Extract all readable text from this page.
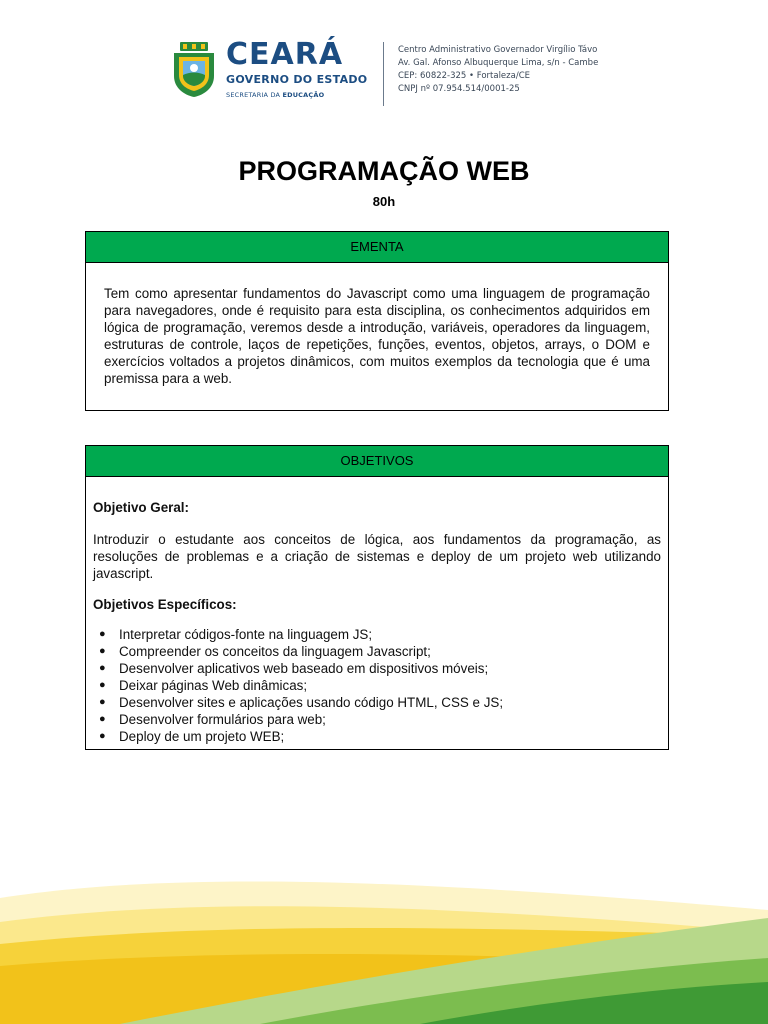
CEARÁ
GOVERNO DO ESTADO
SECRETARIA DA EDUCAÇÃO
Centro Administrativo Governador Virgílio Távo
Av. Gal. Afonso Albuquerque Lima, s/n - Cambe
CEP: 60822-325 • Fortaleza/CE
CNPJ nº 07.954.514/0001-25
PROGRAMAÇÃO WEB
80h
EMENTA
Tem como apresentar fundamentos do Javascript como uma linguagem de programação para navegadores, onde é requisito para esta disciplina, os conhecimentos adquiridos em lógica de programação, veremos desde a introdução, variáveis, operadores da linguagem, estruturas de controle, laços de repetições, funções, eventos, objetos, arrays, o DOM e exercícios voltados a projetos dinâmicos, com muitos exemplos da tecnologia que é uma premissa para a web.
OBJETIVOS
Objetivo Geral:
Introduzir o estudante aos conceitos de lógica, aos fundamentos da programação, as resoluções de problemas e a criação de sistemas e deploy de um projeto web utilizando javascript.
Objetivos Específicos:
● Interpretar códigos-fonte na linguagem JS;
● Compreender os conceitos da linguagem Javascript;
● Desenvolver aplicativos web baseado em dispositivos móveis;
● Deixar páginas Web dinâmicas;
● Desenvolver sites e aplicações usando código HTML, CSS e JS;
● Desenvolver formulários para web;
● Deploy de um projeto WEB;
